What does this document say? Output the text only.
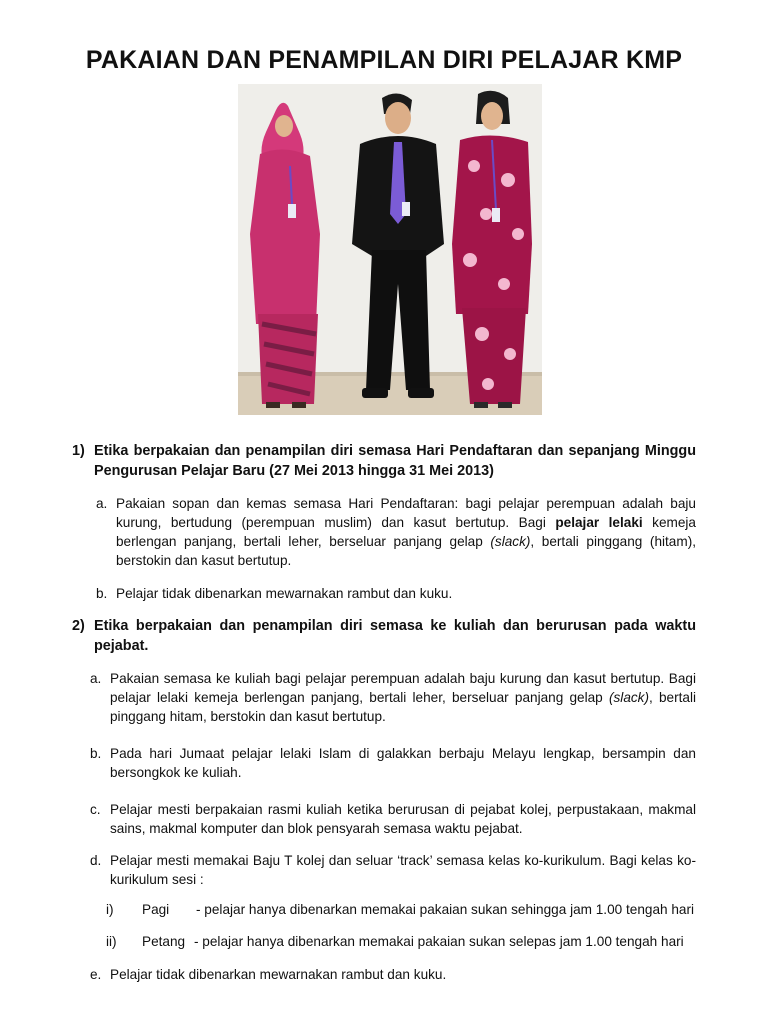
PAKAIAN DAN PENAMPILAN DIRI PELAJAR KMP
1) Etika berpakaian dan penampilan diri semasa Hari Pendaftaran dan sepanjang Minggu Pengurusan Pelajar Baru (27 Mei 2013 hingga 31 Mei 2013)
a. Pakaian sopan dan kemas semasa Hari Pendaftaran: bagi pelajar perempuan adalah baju kurung, bertudung (perempuan muslim) dan kasut bertutup. Bagi pelajar lelaki kemeja berlengan panjang, bertali leher, berseluar panjang gelap (slack), bertali pinggang (hitam), berstokin dan kasut bertutup.
b. Pelajar tidak dibenarkan mewarnakan rambut dan kuku.
2) Etika berpakaian dan penampilan diri semasa ke kuliah dan berurusan pada waktu pejabat.
a. Pakaian semasa ke kuliah bagi pelajar perempuan adalah baju kurung dan kasut bertutup. Bagi pelajar lelaki kemeja berlengan panjang, bertali leher, berseluar panjang gelap (slack), bertali pinggang hitam, berstokin dan kasut bertutup.
b. Pada hari Jumaat pelajar lelaki Islam di galakkan berbaju Melayu lengkap, bersampin dan bersongkok ke kuliah.
c. Pelajar mesti berpakaian rasmi kuliah ketika berurusan di pejabat kolej, perpustakaan, makmal sains, makmal komputer dan blok pensyarah semasa waktu pejabat.
d. Pelajar mesti memakai Baju T kolej dan seluar ‘track’ semasa kelas ko-kurikulum. Bagi kelas ko-kurikulum sesi :
i) Pagi - pelajar hanya dibenarkan memakai pakaian sukan sehingga jam 1.00 tengah hari
ii) Petang - pelajar hanya dibenarkan memakai pakaian sukan selepas jam 1.00 tengah hari
e. Pelajar tidak dibenarkan mewarnakan rambut dan kuku.
